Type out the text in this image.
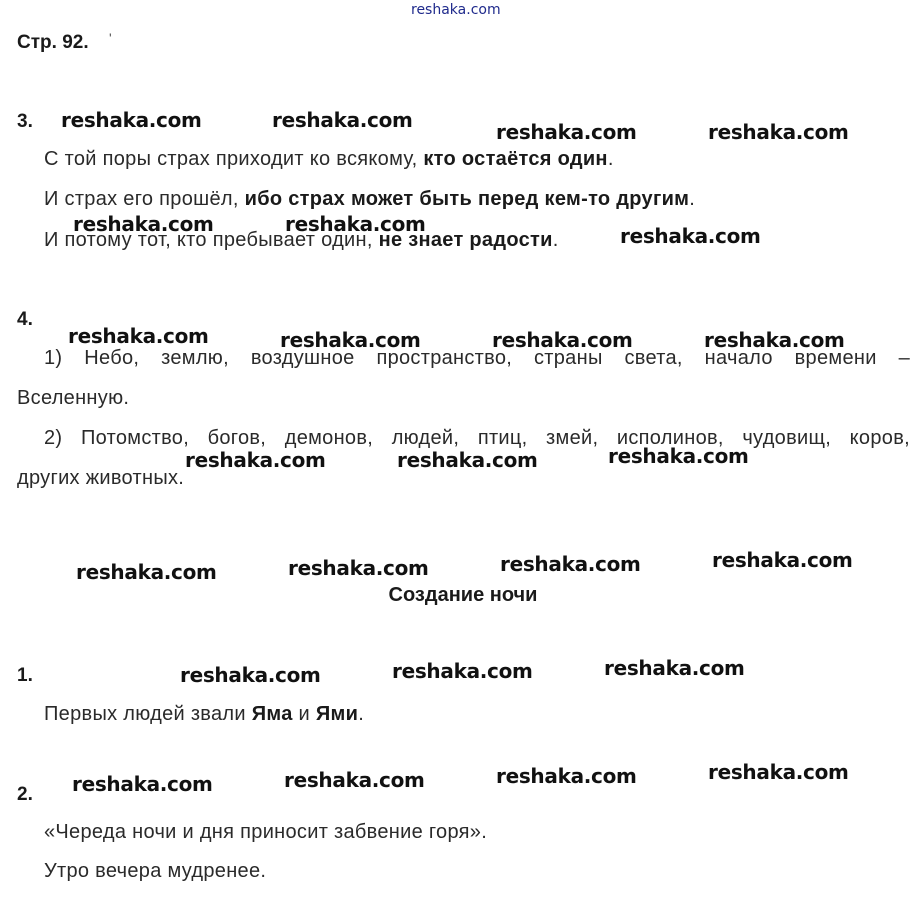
reshaka.com
Стр. 92. '
3.
С той поры страх приходит ко всякому, кто остаётся один.
И страх его прошёл, ибо страх может быть перед кем-то другим.
И потому тот, кто пребывает один, не знает радости.
4.
1) Небо, землю, воздушное пространство, страны света, начало времени –
Вселенную.
2) Потомство, богов, демонов, людей, птиц, змей, исполинов, чудовищ, коров,
других животных.
Создание ночи
1.
Первых людей звали Яма и Ями.
2.
«Череда ночи и дня приносит забвение горя».
Утро вечера мудренее.
reshaka.com	reshaka.com	reshaka.com	reshaka.com
reshaka.com	reshaka.com	reshaka.com
reshaka.com	reshaka.com	reshaka.com	reshaka.com
reshaka.com	reshaka.com	reshaka.com
reshaka.com	reshaka.com	reshaka.com	reshaka.com
reshaka.com	reshaka.com	reshaka.com
reshaka.com	reshaka.com	reshaka.com	reshaka.com
